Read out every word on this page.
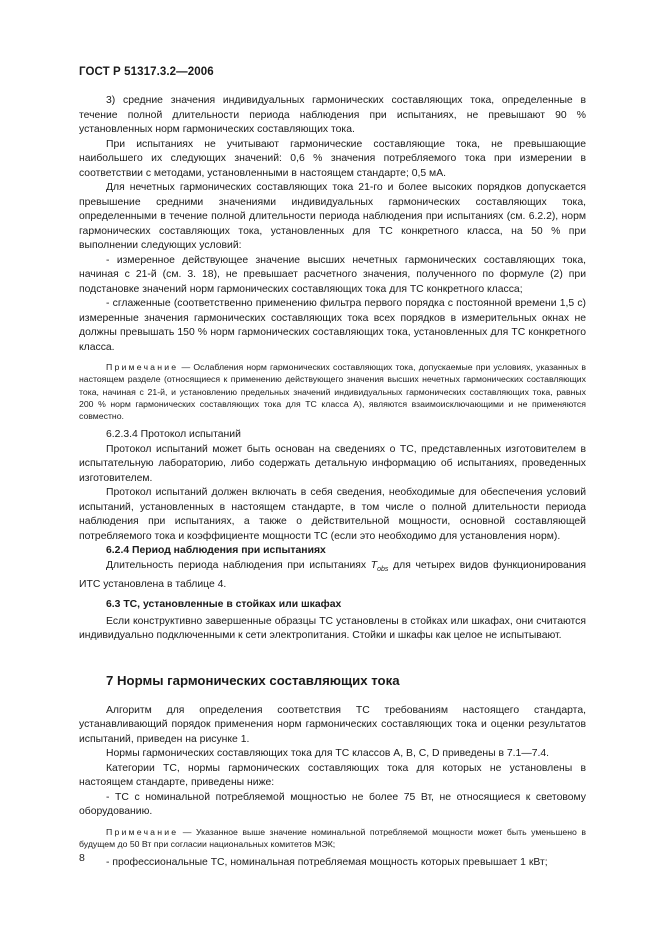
ГОСТ Р 51317.3.2—2006

3) средние значения индивидуальных гармонических составляющих тока, определенные в течение полной длительности периода наблюдения при испытаниях, не превышают 90 % установленных норм гармонических составляющих тока.

При испытаниях не учитывают гармонические составляющие тока, не превышающие наибольшего их следующих значений: 0,6 % значения потребляемого тока при измерении в соответствии с методами, установленными в настоящем стандарте; 0,5 мА.

Для нечетных гармонических составляющих тока 21-го и более высоких порядков допускается превышение средними значениями индивидуальных гармонических составляющих тока, определенными в течение полной длительности периода наблюдения при испытаниях (см. 6.2.2), норм гармонических составляющих тока, установленных для ТС конкретного класса, на 50 % при выполнении следующих условий:

- измеренное действующее значение высших нечетных гармонических составляющих тока, начиная с 21-й (см. 3. 18), не превышает расчетного значения, полученного по формуле (2) при подстановке значений норм гармонических составляющих тока для ТС конкретного класса;

- сглаженные (соответственно применению фильтра первого порядка с постоянной времени 1,5 с) измеренные значения гармонических составляющих тока всех порядков в измерительных окнах не должны превышать 150 % норм гармонических составляющих тока, установленных для ТС конкретного класса.

Примечание — Ослабления норм гармонических составляющих тока, допускаемые при условиях, указанных в настоящем разделе (относящиеся к применению действующего значения высших нечетных гармонических составляющих тока, начиная с 21-й, и установлению предельных значений индивидуальных гармонических составляющих тока, равных 200 % норм гармонических составляющих тока для ТС класса А), являются взаимоисключающими и не применяются совместно.

6.2.3.4 Протокол испытаний

Протокол испытаний может быть основан на сведениях о ТС, представленных изготовителем в испытательную лабораторию, либо содержать детальную информацию об испытаниях, проведенных изготовителем.

Протокол испытаний должен включать в себя сведения, необходимые для обеспечения условий испытаний, установленных в настоящем стандарте, в том числе о полной длительности периода наблюдения при испытаниях, а также о действительной мощности, основной составляющей потребляемого тока и коэффициенте мощности ТС (если это необходимо для установления норм).

6.2.4 Период наблюдения при испытаниях

Длительность периода наблюдения при испытаниях $T_{obs}$ для четырех видов функционирования ИТС установлена в таблице 4.

6.3 ТС, установленные в стойках или шкафах

Если конструктивно завершенные образцы ТС установлены в стойках или шкафах, они считаются индивидуально подключенными к сети электропитания. Стойки и шкафы как целое не испытывают.

7 Нормы гармонических составляющих тока

Алгоритм для определения соответствия ТС требованиям настоящего стандарта, устанавливающий порядок применения норм гармонических составляющих тока и оценки результатов испытаний, приведен на рисунке 1.

Нормы гармонических составляющих тока для ТС классов А, В, С, D приведены в 7.1—7.4.

Категории ТС, нормы гармонических составляющих тока для которых не установлены в настоящем стандарте, приведены ниже:

- ТС с номинальной потребляемой мощностью не более 75 Вт, не относящиеся к световому оборудованию.

Примечание — Указанное выше значение номинальной потребляемой мощности может быть уменьшено в будущем до 50 Вт при согласии национальных комитетов МЭК;

- профессиональные ТС, номинальная потребляемая мощность которых превышает 1 кВт;

8
